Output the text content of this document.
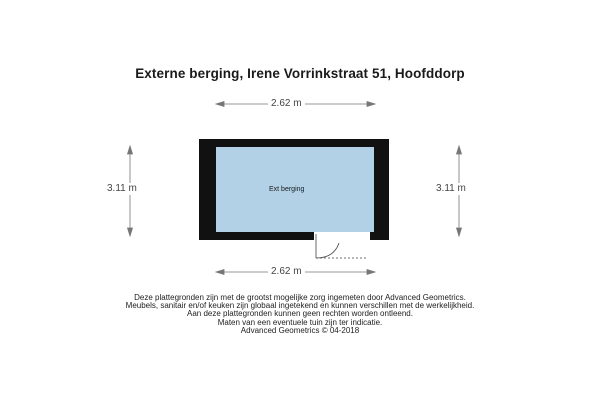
Externe berging, Irene Vorrinkstraat 51, Hoofddorp
2.62 m
2.62 m
3.11 m	3.11 m
Ext berging
Deze plattegronden zijn met de grootst mogelijke zorg ingemeten door Advanced Geometrics.
Meubels, sanitair en/of keuken zijn globaal ingetekend en kunnen verschillen met de werkelijkheid.
Aan deze plattegronden kunnen geen rechten worden ontleend.
Maten van een eventuele tuin zijn ter indicatie.
Advanced Geometrics © 04-2018
